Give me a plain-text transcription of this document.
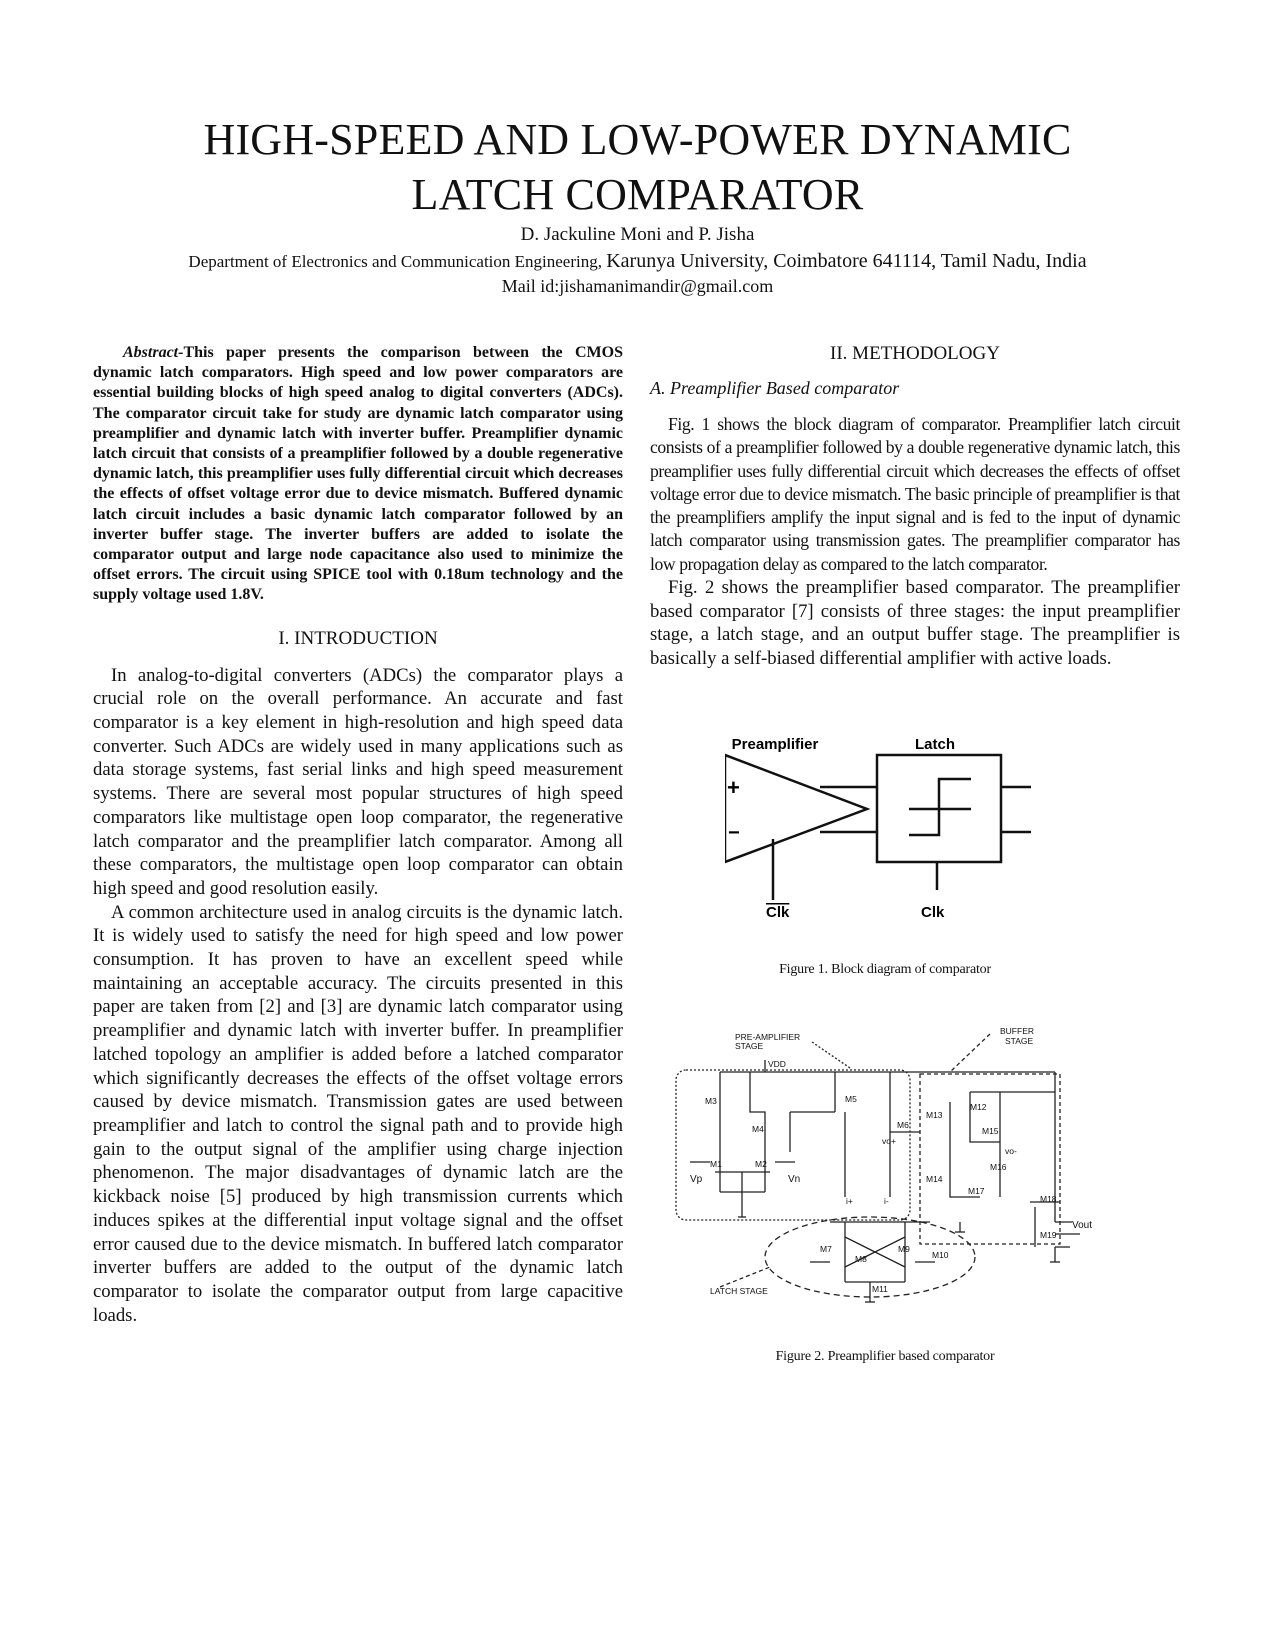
HIGH-SPEED AND LOW-POWER DYNAMIC
LATCH COMPARATOR
D. Jackuline Moni and P. Jisha
Department of Electronics and Communication Engineering, Karunya University, Coimbatore 641114, Tamil Nadu, India
Mail id:jishamanimandir@gmail.com

Abstract-This paper presents the comparison between the CMOS dynamic latch comparators. High speed and low power comparators are essential building blocks of high speed analog to digital converters (ADCs). The comparator circuit take for study are dynamic latch comparator using preamplifier and dynamic latch with inverter buffer. Preamplifier dynamic latch circuit that consists of a preamplifier followed by a double regenerative dynamic latch, this preamplifier uses fully differential circuit which decreases the effects of offset voltage error due to device mismatch. Buffered dynamic latch circuit includes a basic dynamic latch comparator followed by an inverter buffer stage. The inverter buffers are added to isolate the comparator output and large node capacitance also used to minimize the offset errors. The circuit using SPICE tool with 0.18um technology and the supply voltage used 1.8V.

I. INTRODUCTION

In analog-to-digital converters (ADCs) the comparator plays a crucial role on the overall performance. An accurate and fast comparator is a key element in high-resolution and high speed data converter. Such ADCs are widely used in many applications such as data storage systems, fast serial links and high speed measurement systems. There are several most popular structures of high speed comparators like multistage open loop comparator, the regenerative latch comparator and the preamplifier latch comparator. Among all these comparators, the multistage open loop comparator can obtain high speed and good resolution easily.

A common architecture used in analog circuits is the dynamic latch. It is widely used to satisfy the need for high speed and low power consumption. It has proven to have an excellent speed while maintaining an acceptable accuracy. The circuits presented in this paper are taken from [2] and [3] are dynamic latch comparator using preamplifier and dynamic latch with inverter buffer. In preamplifier latched topology an amplifier is added before a latched comparator which significantly decreases the effects of the offset voltage errors caused by device mismatch. Transmission gates are used between preamplifier and latch to control the signal path and to provide high gain to the output signal of the amplifier using charge injection phenomenon. The major disadvantages of dynamic latch are the kickback noise [5] produced by high transmission currents which induces spikes at the differential input voltage signal and the offset error caused due to the device mismatch. In buffered latch comparator inverter buffers are added to the output of the dynamic latch comparator to isolate the comparator output from large capacitive loads.

II. METHODOLOGY

A. Preamplifier Based comparator

Fig. 1 shows the block diagram of comparator. Preamplifier latch circuit consists of a preamplifier followed by a double regenerative dynamic latch, this preamplifier uses fully differential circuit which decreases the effects of offset voltage error due to device mismatch. The basic principle of preamplifier is that the preamplifiers amplify the input signal and is fed to the input of dynamic latch comparator using transmission gates. The preamplifier comparator has low propagation delay as compared to the latch comparator.

Fig. 2 shows the preamplifier based comparator. The preamplifier based comparator [7] consists of three stages: the input preamplifier stage, a latch stage, and an output buffer stage. The preamplifier is basically a self-biased differential amplifier with active loads.

Preamplifier	Latch
+
−
Clk	Clk
Figure 1. Block diagram of comparator
PRE-AMPLIFIER
STAGE
BUFFER
STAGE
LATCH STAGE
VDD
Vp	Vn
Vout
vo+
vo-
i+	i-
M1	M2
M3
M4
M5
M6
M7
M8
M9
M10
M11
M12
M13
M14
M15
M16
M17
M18
M19
Figure 2. Preamplifier based comparator
